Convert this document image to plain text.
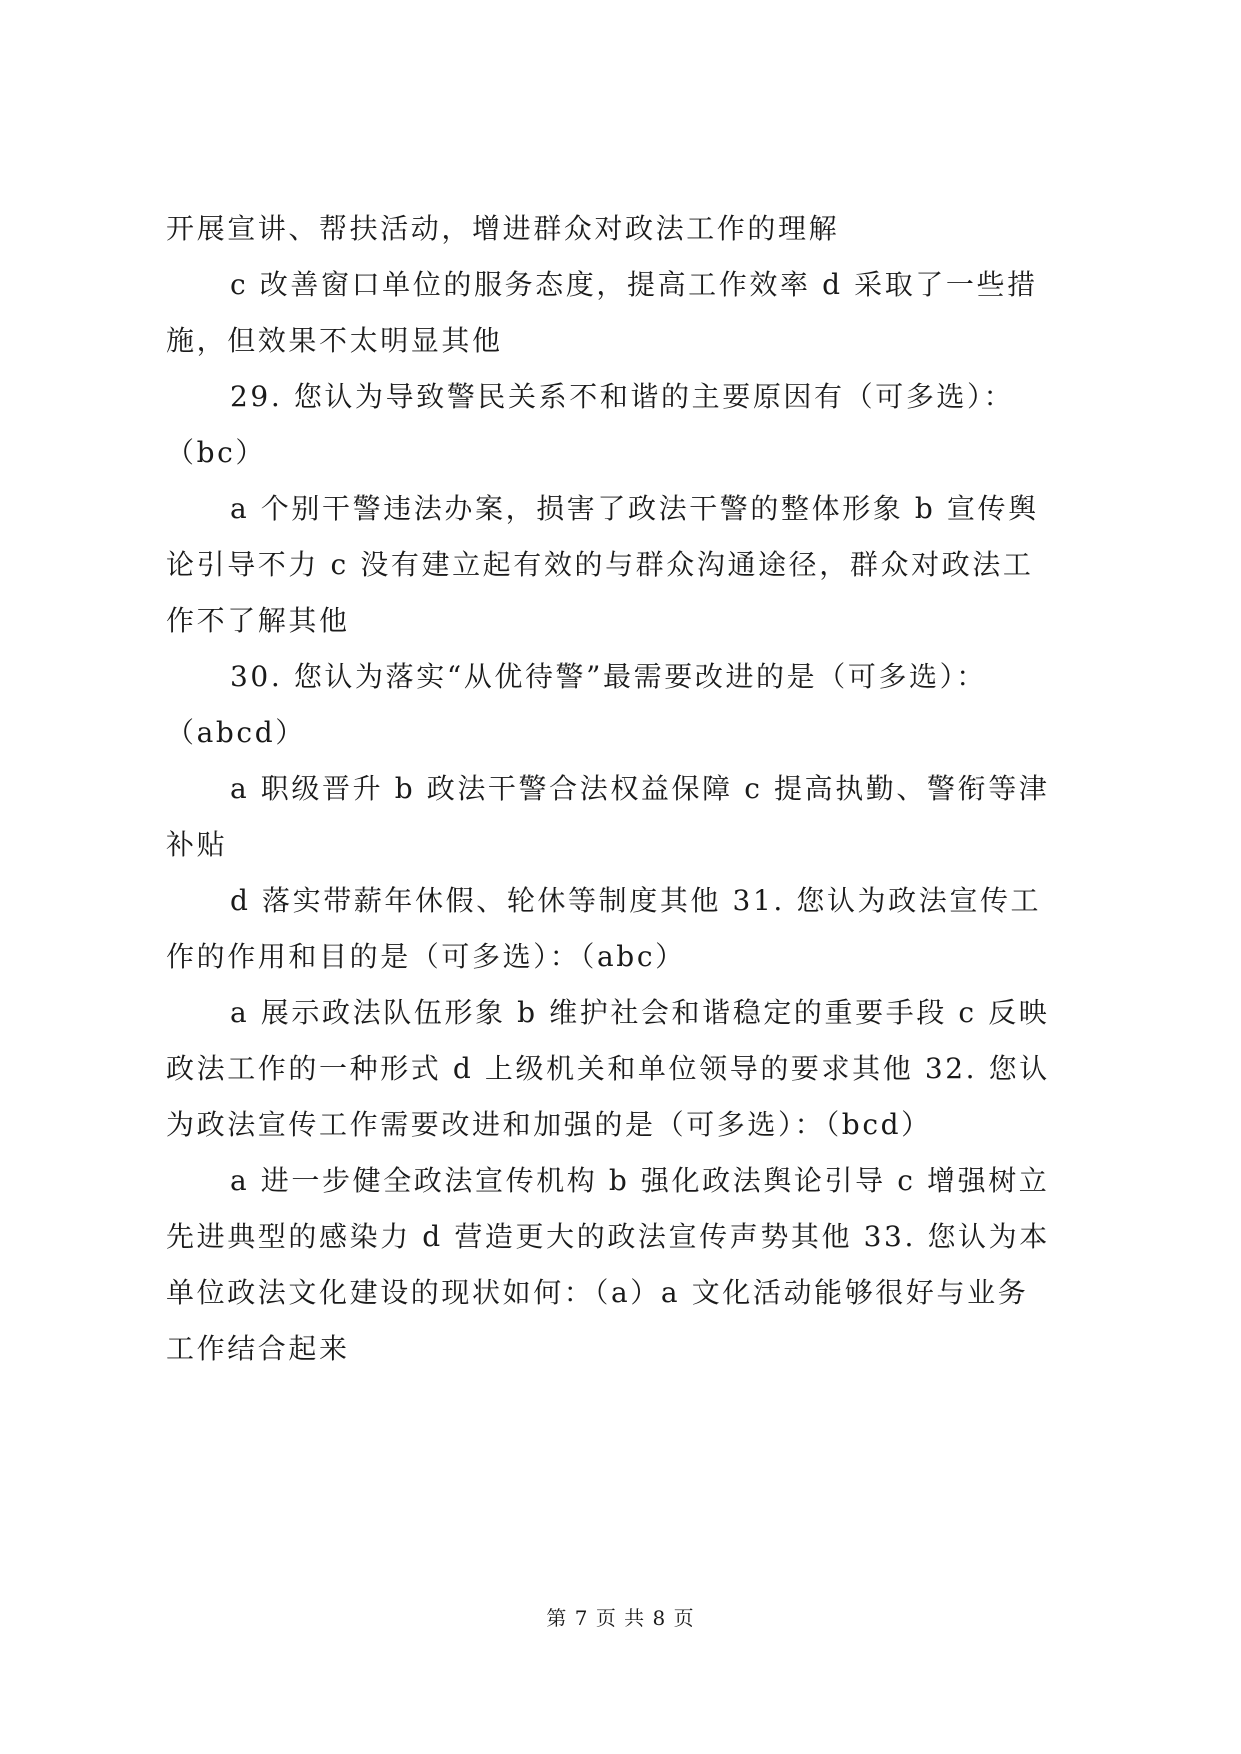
开展宣讲、帮扶活动，增进群众对政法工作的理解
c 改善窗口单位的服务态度，提高工作效率 d 采取了一些措
施，但效果不太明显其他
29. 您认为导致警民关系不和谐的主要原因有（可多选）：
（bc）
a 个别干警违法办案，损害了政法干警的整体形象 b 宣传舆
论引导不力 c 没有建立起有效的与群众沟通途径，群众对政法工
作不了解其他
30. 您认为落实“从优待警”最需要改进的是（可多选）：
（abcd）
a 职级晋升 b 政法干警合法权益保障 c 提高执勤、警衔等津
补贴
d 落实带薪年休假、轮休等制度其他 31. 您认为政法宣传工
作的作用和目的是（可多选）：（abc）
a 展示政法队伍形象 b 维护社会和谐稳定的重要手段 c 反映
政法工作的一种形式 d 上级机关和单位领导的要求其他 32. 您认
为政法宣传工作需要改进和加强的是（可多选）：（bcd）
a 进一步健全政法宣传机构 b 强化政法舆论引导 c 增强树立
先进典型的感染力 d 营造更大的政法宣传声势其他 33. 您认为本
单位政法文化建设的现状如何：（a）a 文化活动能够很好与业务
工作结合起来
第 7 页 共 8 页
